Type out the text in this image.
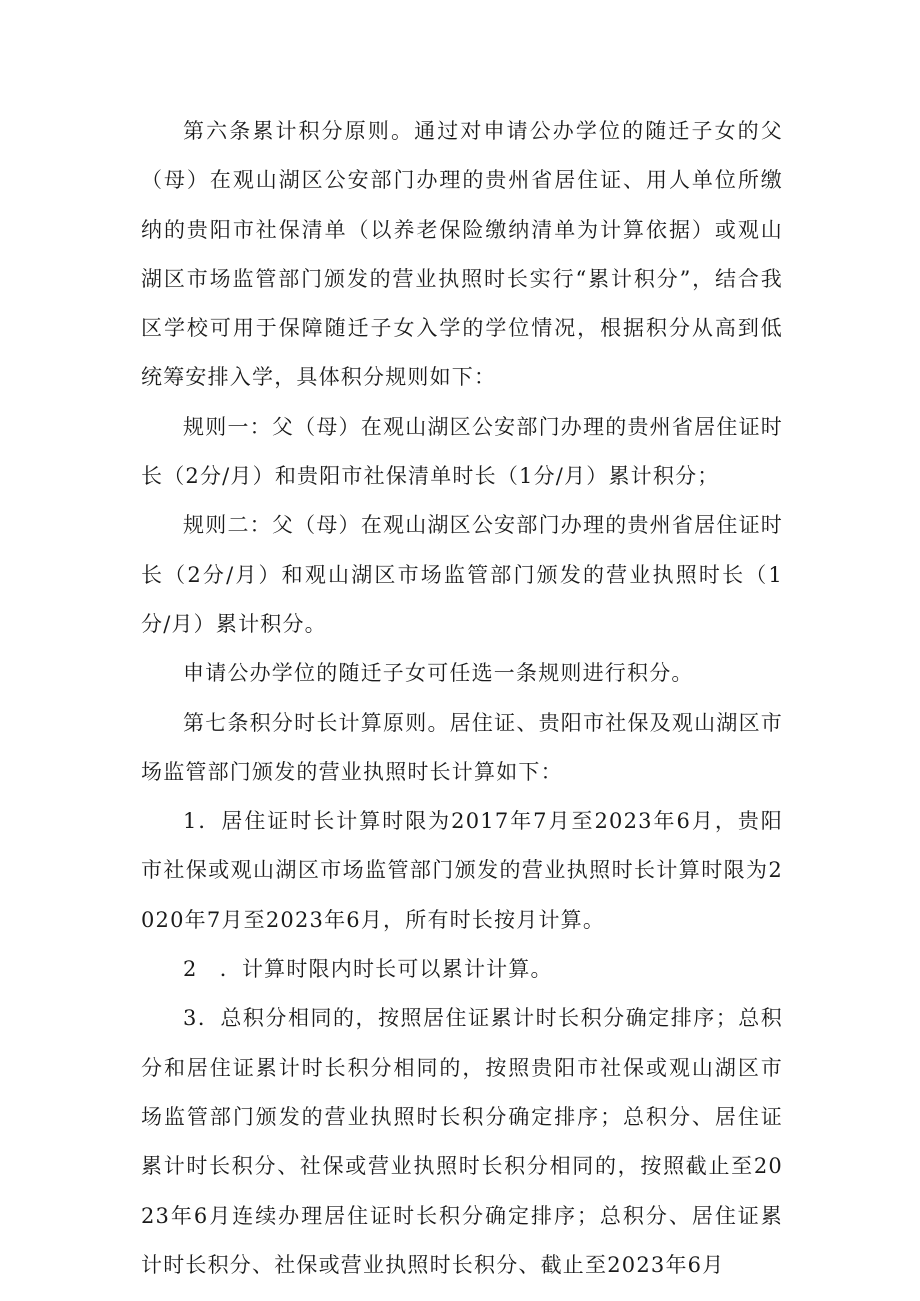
第六条累计积分原则。通过对申请公办学位的随迁子女的父（母）在观山湖区公安部门办理的贵州省居住证、用人单位所缴纳的贵阳市社保清单（以养老保险缴纳清单为计算依据）或观山湖区市场监管部门颁发的营业执照时长实行“累计积分”，结合我区学校可用于保障随迁子女入学的学位情况，根据积分从高到低统筹安排入学，具体积分规则如下：

规则一：父（母）在观山湖区公安部门办理的贵州省居住证时长（2分/月）和贵阳市社保清单时长（1分/月）累计积分；

规则二：父（母）在观山湖区公安部门办理的贵州省居住证时长（2分/月）和观山湖区市场监管部门颁发的营业执照时长（1分/月）累计积分。

申请公办学位的随迁子女可任选一条规则进行积分。

第七条积分时长计算原则。居住证、贵阳市社保及观山湖区市场监管部门颁发的营业执照时长计算如下：

1．居住证时长计算时限为2017年7月至2023年6月，贵阳市社保或观山湖区市场监管部门颁发的营业执照时长计算时限为2020年7月至2023年6月，所有时长按月计算。

2　．计算时限内时长可以累计计算。

3．总积分相同的，按照居住证累计时长积分确定排序；总积分和居住证累计时长积分相同的，按照贵阳市社保或观山湖区市场监管部门颁发的营业执照时长积分确定排序；总积分、居住证累计时长积分、社保或营业执照时长积分相同的，按照截止至2023年6月连续办理居住证时长积分确定排序；总积分、居住证累计时长积分、社保或营业执照时长积分、截止至2023年6月
